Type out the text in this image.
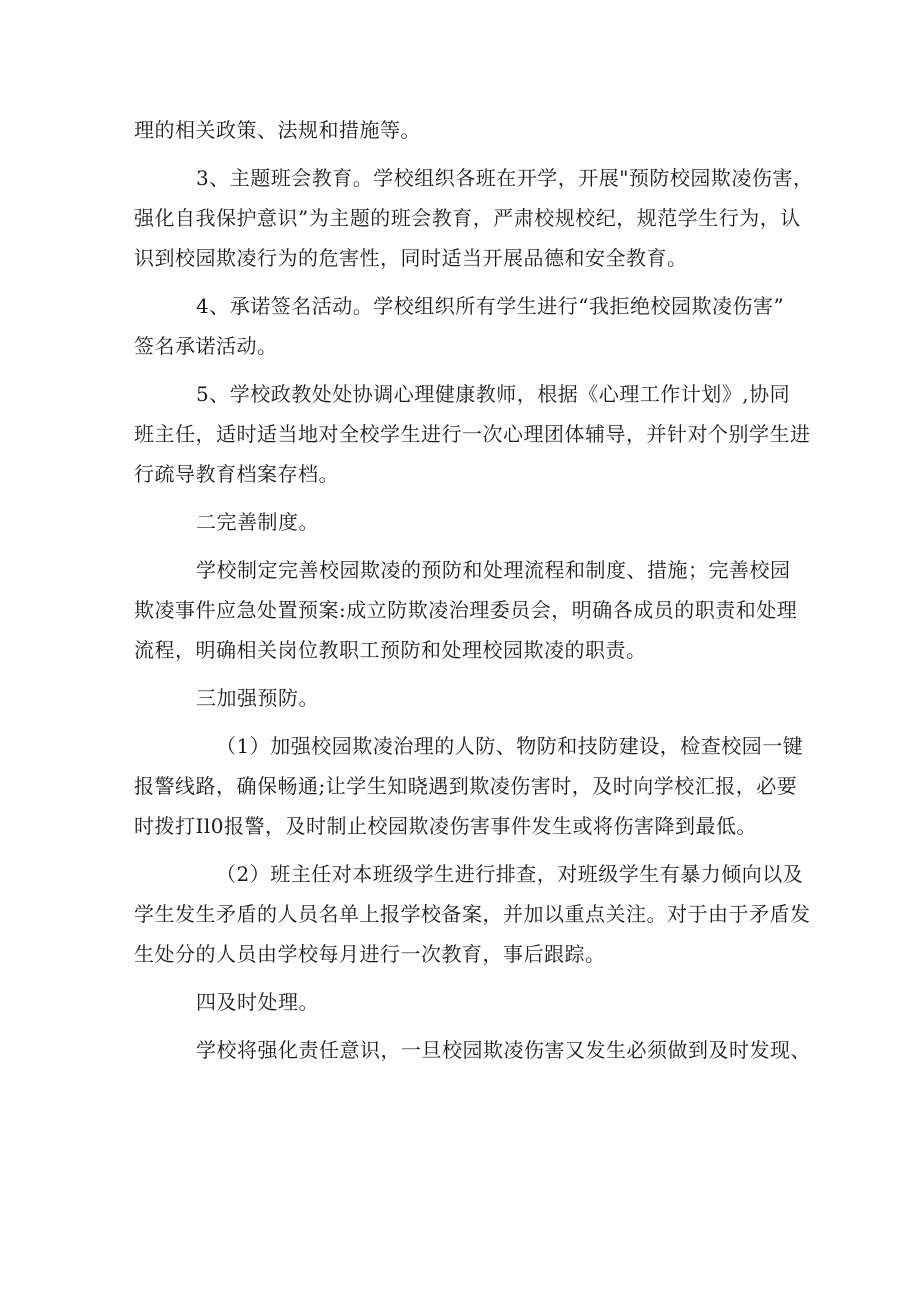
理的相关政策、法规和措施等。

3、主题班会教育。学校组织各班在开学，开展"预防校园欺凌伤害，
强化自我保护意识”为主题的班会教育，严肃校规校纪，规范学生行为，认
识到校园欺凌行为的危害性，同时适当开展品德和安全教育。

4、承诺签名活动。学校组织所有学生进行“我拒绝校园欺凌伤害”
签名承诺活动。

5、学校政教处处协调心理健康教师，根据《心理工作计划》,协同
班主任，适时适当地对全校学生进行一次心理团体辅导，并针对个别学生进
行疏导教育档案存档。

二完善制度。

学校制定完善校园欺凌的预防和处理流程和制度、措施；完善校园
欺凌事件应急处置预案:成立防欺凌治理委员会，明确各成员的职责和处理
流程，明确相关岗位教职工预防和处理校园欺凌的职责。

三加强预防。

（1）加强校园欺凌治理的人防、物防和技防建设，检查校园一键
报警线路，确保畅通;让学生知晓遇到欺凌伤害时，及时向学校汇报，必要
时拨打Il0报警，及时制止校园欺凌伤害事件发生或将伤害降到最低。

（2）班主任对本班级学生进行排查，对班级学生有暴力倾向以及
学生发生矛盾的人员名单上报学校备案，并加以重点关注。对于由于矛盾发
生处分的人员由学校每月进行一次教育，事后跟踪。

四及时处理。

学校将强化责任意识，一旦校园欺凌伤害又发生必须做到及时发现、
